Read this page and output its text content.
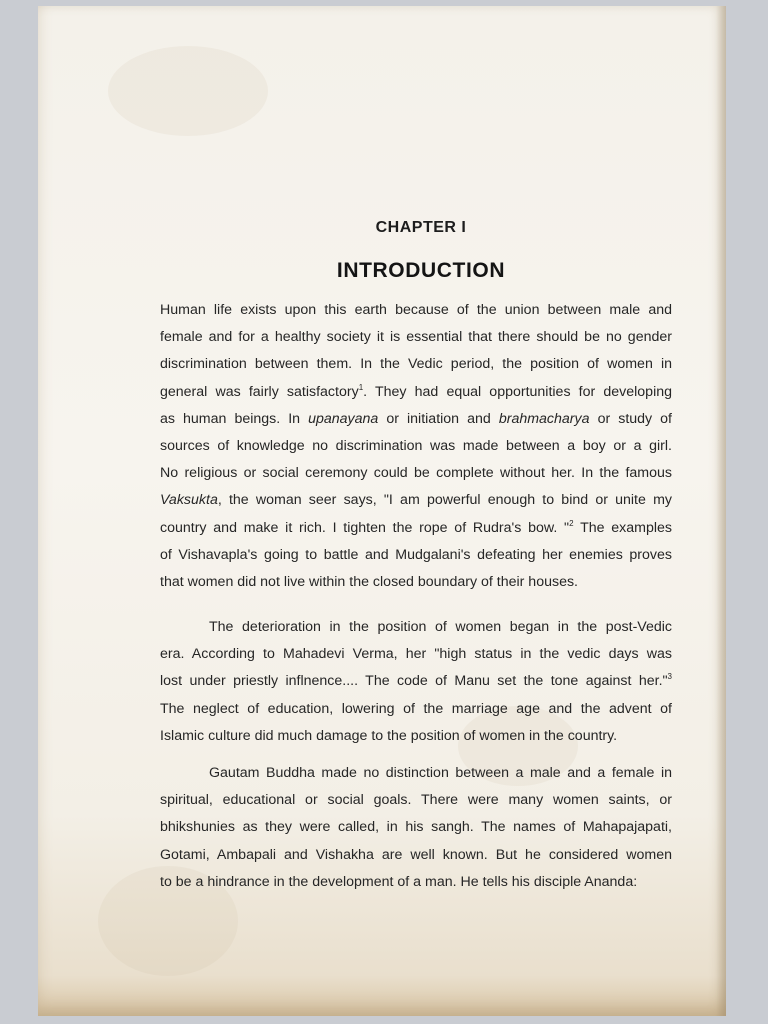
CHAPTER I
INTRODUCTION
Human life exists upon this earth because of the union between male and
female and for a healthy society it is essential that there should be no gender
discrimination between them. In the Vedic period, the position of women in
general was fairly satisfactory$^1$. They had equal opportunities for developing
as human beings. In upanayana or initiation and brahmacharya or study of
sources of knowledge no discrimination was made between a boy or a girl.
No religious or social ceremony could be complete without her. In the famous
Vaksukta, the woman seer says, "I am powerful enough to bind or unite my
country and make it rich. I tighten the rope of Rudra's bow. "$^2$ The examples
of Vishavapla's going to battle and Mudgalani's defeating her enemies proves
that women did not live within the closed boundary of their houses.
The deterioration in the position of women began in the post-Vedic
era. According to Mahadevi Verma, her "high status in the vedic days was
lost under priestly inflnence.... The code of Manu set the tone against her."$^3$
The neglect of education, lowering of the marriage age and the advent of
Islamic culture did much damage to the position of women in the country.
Gautam Buddha made no distinction between a male and a female in
spiritual, educational or social goals. There were many women saints, or
bhikshunies as they were called, in his sangh. The names of Mahapajapati,
Gotami, Ambapali and Vishakha are well known. But he considered women
to be a hindrance in the development of a man. He tells his disciple Ananda:
